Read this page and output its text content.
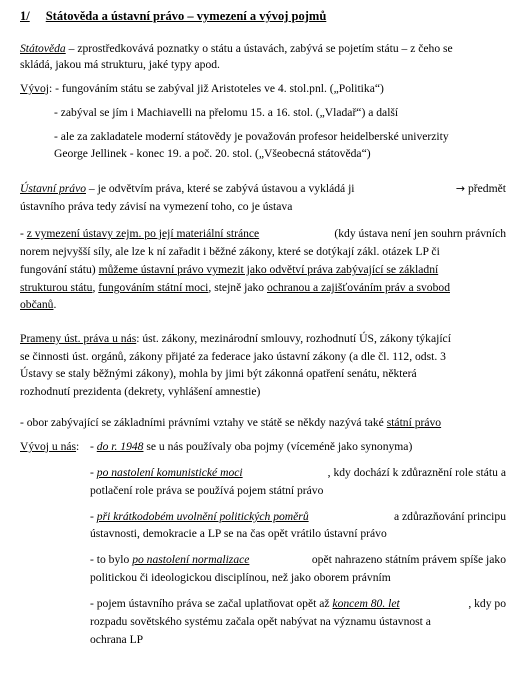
1/ Státověda a ústavní právo – vymezení a vývoj pojmů
Státověda – zprostředkovává poznatky o státu a ústavách, zabývá se pojetím státu – z čeho se
skládá, jakou má strukturu, jaké typy apod.
Vývoj: - fungováním státu se zabýval již Aristoteles ve 4. stol.pnl. („Politika“)
- zabýval se jím i Machiavelli na přelomu 15. a 16. stol. („Vladař“) a další
- ale za zakladatele moderní státovědy je považován profesor heidelberské univerzity
George Jellinek - konec 19. a poč. 20. stol. („Všeobecná státověda“)
Ústavní právo – je odvětvím práva, které se zabývá ústavou a vykládá ji	→ předmět
ústavního práva tedy závisí na vymezení toho, co je ústava
- z vymezení ústavy zejm. po její materiální stránce	(kdy ústava není jen souhrn právních
norem nejvyšší síly, ale lze k ní zařadit i běžné zákony, které se dotýkají zákl. otázek LP či
fungování státu) můžeme ústavní právo vymezit jako odvětví práva zabývající se základní
strukturou státu, fungováním státní moci, stejně jako ochranou a zajišťováním práv a svobod
občanů.
Prameny úst. práva u nás: úst. zákony, mezinárodní smlouvy, rozhodnutí ÚS, zákony týkající
se činnosti úst. orgánů, zákony přijaté za federace jako ústavní zákony (a dle čl. 112, odst. 3
Ústavy se staly běžnými zákony), mohla by jimi být zákonná opatření senátu, některá
rozhodnutí prezidenta (dekrety, vyhlášení amnestie)
- obor zabývající se základními právními vztahy ve státě se někdy nazývá také státní právo
Vývoj u nás: - do r. 1948 se u nás používaly oba pojmy (víceméně jako synonyma)
- po nastolení komunistické moci	, kdy dochází k zdůraznění role státu a
potlačení role práva se používá pojem státní právo
- při krátkodobém uvolnění politických poměrů	a zdůrazňování principu
ústavnosti, demokracie a LP se na čas opět vrátilo ústavní právo
- to bylo po nastolení normalizace	opět nahrazeno státním právem spíše jako
politickou či ideologickou disciplínou, než jako oborem právním
- pojem ústavního práva se začal uplatňovat opět až koncem 80. let	, kdy po
rozpadu sovětského systému začala opět nabývat na významu ústavnost a
ochrana LP
